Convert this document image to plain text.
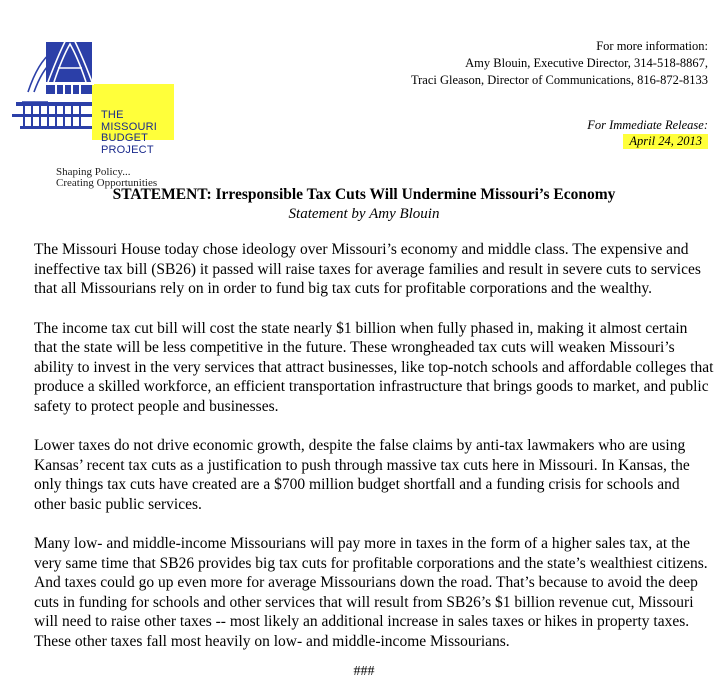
THE
MISSOURI
BUDGET
PROJECT
Shaping Policy...
Creating Opportunities
For more information:
Amy Blouin, Executive Director, 314-518-8867,
Traci Gleason, Director of Communications, 816-872-8133
For Immediate Release:
April 24, 2013
STATEMENT: Irresponsible Tax Cuts Will Undermine Missouri’s Economy
Statement by Amy Blouin

The Missouri House today chose ideology over Missouri’s economy and middle class. The expensive and ineffective tax bill (SB26) it passed will raise taxes for average families and result in severe cuts to services that all Missourians rely on in order to fund big tax cuts for profitable corporations and the wealthy.

The income tax cut bill will cost the state nearly $1 billion when fully phased in, making it almost certain that the state will be less competitive in the future. These wrongheaded tax cuts will weaken Missouri’s ability to invest in the very services that attract businesses, like top-notch schools and affordable colleges that produce a skilled workforce, an efficient transportation infrastructure that brings goods to market, and public safety to protect people and businesses.

Lower taxes do not drive economic growth, despite the false claims by anti-tax lawmakers who are using Kansas’ recent tax cuts as a justification to push through massive tax cuts here in Missouri. In Kansas, the only things tax cuts have created are a $700 million budget shortfall and a funding crisis for schools and other basic public services.

Many low- and middle-income Missourians will pay more in taxes in the form of a higher sales tax, at the very same time that SB26 provides big tax cuts for profitable corporations and the state’s wealthiest citizens. And taxes could go up even more for average Missourians down the road. That’s because to avoid the deep cuts in funding for schools and other services that will result from SB26’s $1 billion revenue cut, Missouri will need to raise other taxes -- most likely an additional increase in sales taxes or hikes in property taxes. These other taxes fall most heavily on low- and middle-income Missourians.

###
